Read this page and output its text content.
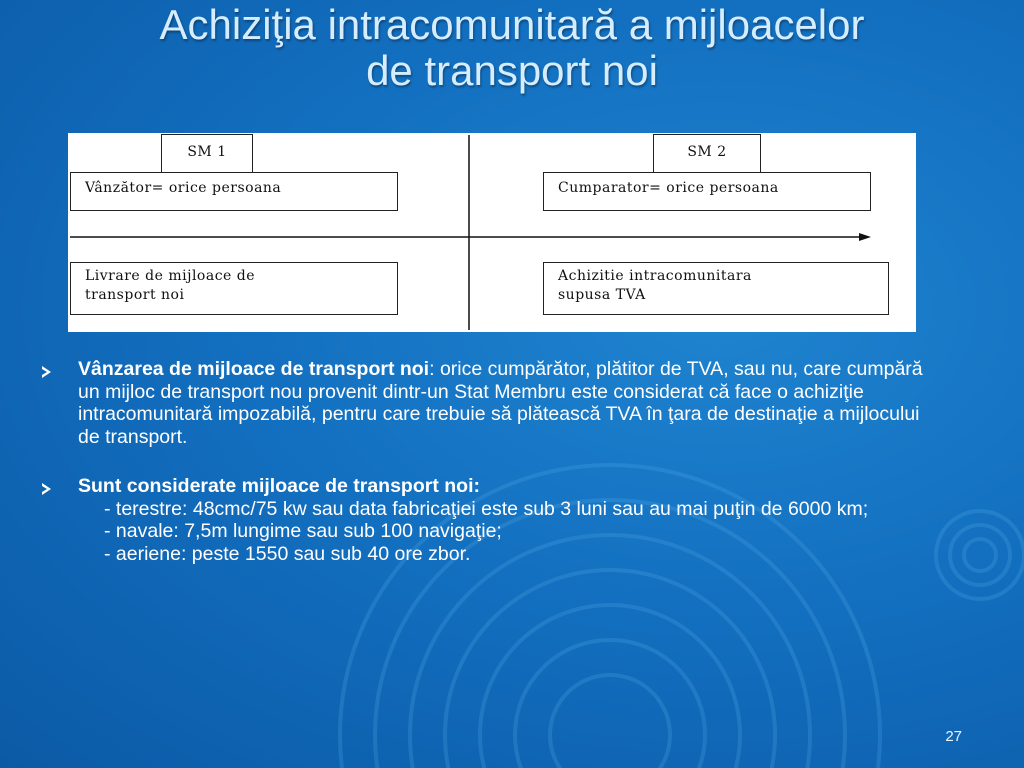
Achiziţia intracomunitară a mijloacelor
de transport noi
SM 1	SM 2
Vânzător= orice persoana	Cumparator= orice persoana
Livrare de mijloace de
transport noi
Achizitie intracomunitara
supusa TVA
Vânzarea de mijloace de transport noi: orice cumpărător, plătitor de TVA, sau nu, care cumpără un mijloc de transport nou provenit dintr-un Stat Membru este considerat că face o achiziţie intracomunitară impozabilă, pentru care trebuie să plătească TVA în ţara de destinaţie a mijlocului de transport.
Sunt considerate mijloace de transport noi:
- terestre: 48cmc/75 kw sau data fabricaţiei este sub 3 luni sau au mai puţin de 6000 km;
- navale: 7,5m lungime sau sub 100 navigaţie;
- aeriene: peste 1550 sau sub 40 ore zbor.
27
